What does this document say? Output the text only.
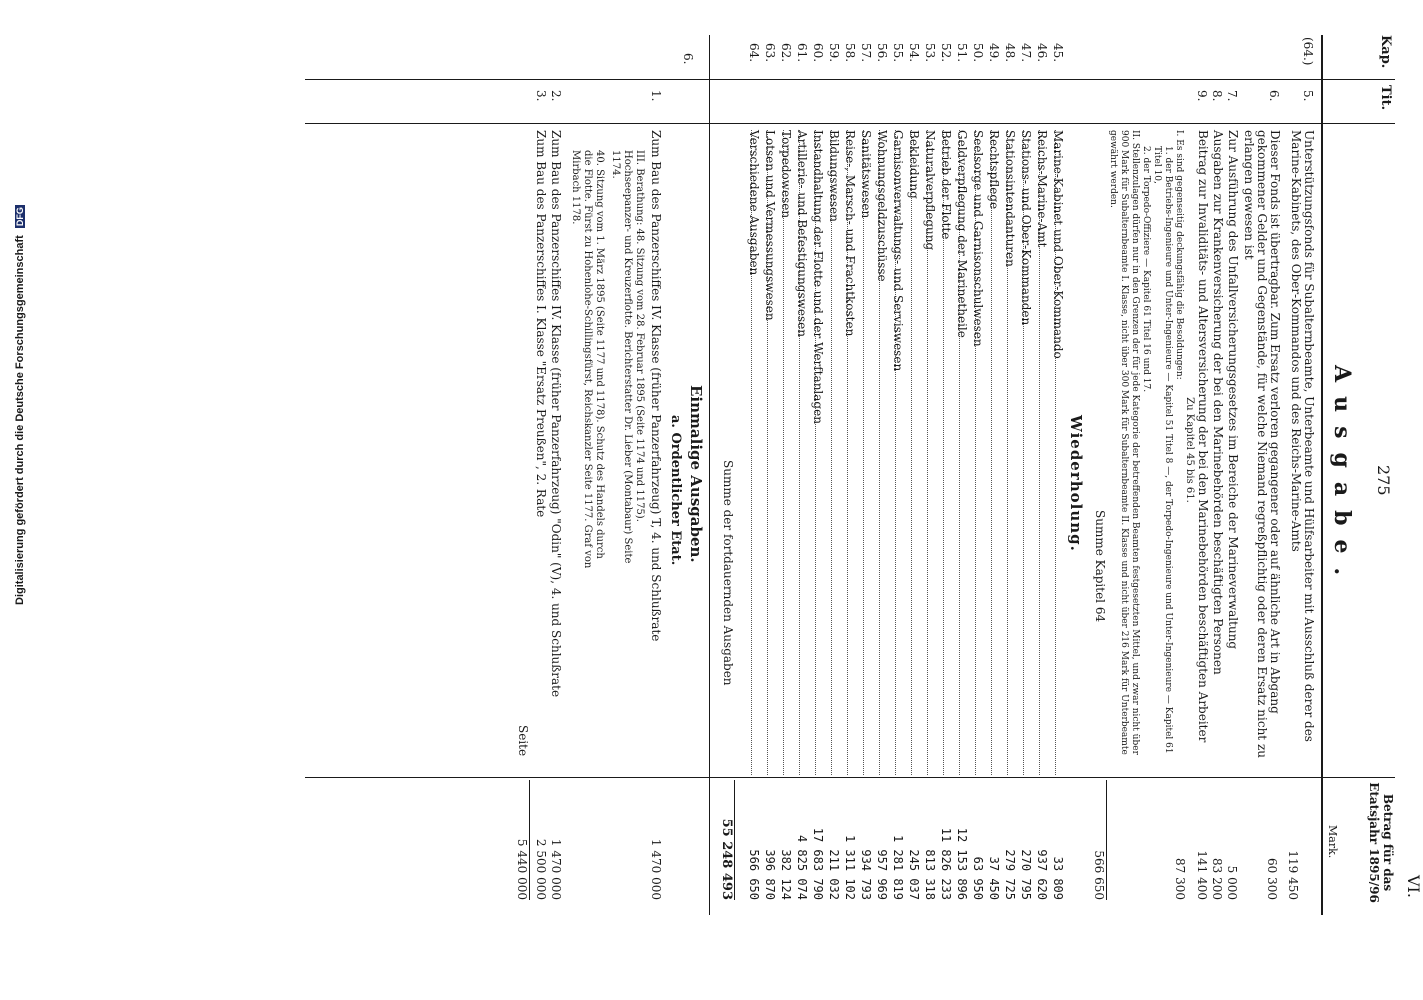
Digitalisierung gefördert durch die Deutsche Forschungsgemeinschaft DFG
Kap.
Tit.
Ausgabe. 275
Betrag für das Etatsjahr 1895/96
Mark.
VI.
(64.)
5.
Unterstützungsfonds für Subalternbeamte, Unterbeamte und Hülfsarbeiter mit Ausschluß derer des Marine-Kabinets, des Ober-Kommandos und des Reichs-Marine-Amts
119 450
6.
Dieser Fonds ist übertragbar. Zum Ersatz verloren gegangener oder auf ähnliche Art in Abgang gekommener Gelder und Gegenstände, für welche Niemand regreßpflichtig oder deren Ersatz nicht zu erlangen gewesen ist
60 300
7.
Zur Ausführung des Unfallversicherungsgesetzes im Bereiche der Marineverwaltung
5 000
8.
Ausgaben zur Krankenversicherung der bei den Marinebehörden beschäftigten Personen
83 200
9.
Beitrag zur Invaliditäts- und Altersversicherung der bei den Marinebehörden beschäftigten Arbeiter
141 400
87 300
Zu Kapitel 45 bis 61.
I. Es sind gegenseitig deckungsfähig die Besoldungen:
1. der Betriebs-Ingenieure und Unter-Ingenieure — Kapitel 51 Titel 8 —, der Torpedo-Ingenieure und Unter-Ingenieure — Kapitel 61 Titel 10,
2. der Torpedo-Offiziere — Kapitel 61 Titel 16 und 17.
II. Stellenzulagen dürfen nur in den Grenzen der für jede Kategorie der betreffenden Beamten festgesetzten Mittel, und zwar nicht über 900 Mark für Subalternbeamte I. Klasse, nicht über 300 Mark für Subalternbeamte II. Klasse und nicht über 216 Mark für Unterbeamte gewährt werden.
Summe Kapitel 64
566 650
Wiederholung.
45.
Marine-Kabinet und Ober-Kommando
33 809
46.
Reichs-Marine-Amt
937 620
47.
Stations- und Ober-Kommanden
270 795
48.
Stationsintendanturen
279 725
49.
Rechtspflege
37 450
50.
Seelsorge und Garnisonschulwesen
63 950
51.
Geldverpflegung der Marinetheile
12 153 896
52.
Betrieb der Flotte
11 826 233
53.
Naturalverpflegung
813 318
54.
Bekleidung
245 037
55.
Garnisonverwaltungs- und Serviswesen
1 281 819
56.
Wohnungsgeldzuschüsse
957 969
57.
Sanitätswesen
934 793
58.
Reise-, Marsch- und Frachtkosten
1 311 102
59.
Bildungswesen
211 032
60.
Instandhaltung der Flotte und der Werftanlagen
17 683 790
61.
Artillerie- und Befestigungswesen
4 825 074
62.
Torpedowesen
382 124
63.
Lotsen und Vermessungswesen
396 870
64.
Verschiedene Ausgaben
566 650
Summe der fortdauernden Ausgaben
55 248 493
6.
Einmalige Ausgaben.
a. Ordentlicher Etat.
1.
Zum Bau des Panzerschiffes IV. Klasse (früher Panzerfahrzeug) T, 4. und Schlußrate
1 470 000
III. Berathung: 48. Sitzung vom 28. Februar 1895 (Seite 1174 und 1175). Hochseepanzer- und Kreuzerflotte. Berichterstatter Dr. Lieber (Montabaur) Seite 1174.
40. Sitzung vom 1. März 1895 (Seite 1177 und 1178). Schutz des Handels durch die Flotte. Fürst zu Hohenlohe-Schillingsfürst, Reichskanzler Seite 1177. Graf von Mirbach 1178.
2.
Zum Bau des Panzerschiffes IV. Klasse (früher Panzerfahrzeug) "Odin" (V), 4. und Schlußrate
1 470 000
3.
Zum Bau des Panzerschiffes I. Klasse "Ersatz Preußen", 2. Rate
2 500 000
Seite
5 440 000
